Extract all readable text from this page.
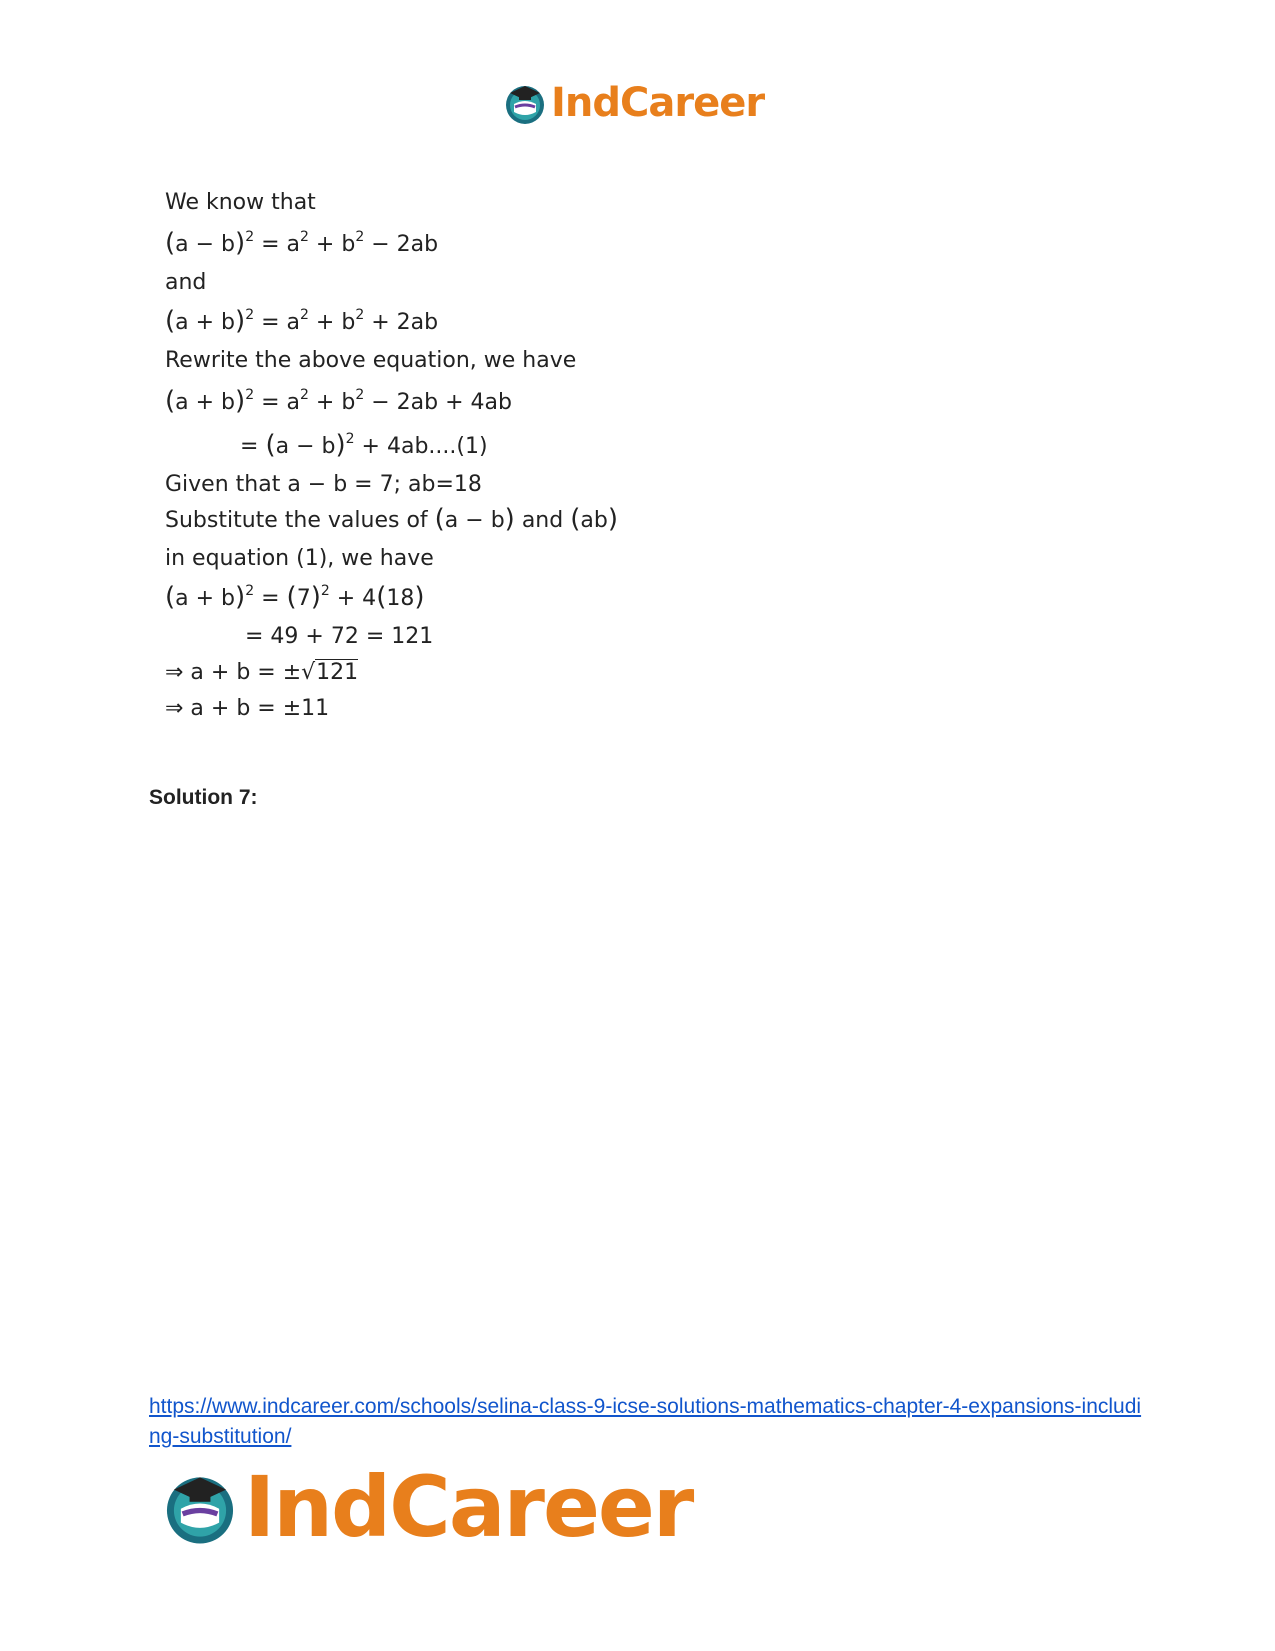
IndCareer
We know that
$(a - b)^2 = a^2 + b^2 - 2ab$
and
$(a + b)^2 = a^2 + b^2 + 2ab$
Rewrite the above equation, we have
$(a + b)^2 = a^2 + b^2 - 2ab + 4ab$
= $(a - b)^2 + 4ab....(1)$
Given that a − b = 7; ab=18
Substitute the values of (a − b) and (ab)
in equation (1), we have
$(a + b)^2 = (7)^2 + 4(18)$
= 49 + 72 = 121
⇒ a + b = ±√121
⇒ a + b = ±11
Solution 7:
https://www.indcareer.com/schools/selina-class-9-icse-solutions-mathematics-chapter-4-expansions-including-substitution/
IndCareer
